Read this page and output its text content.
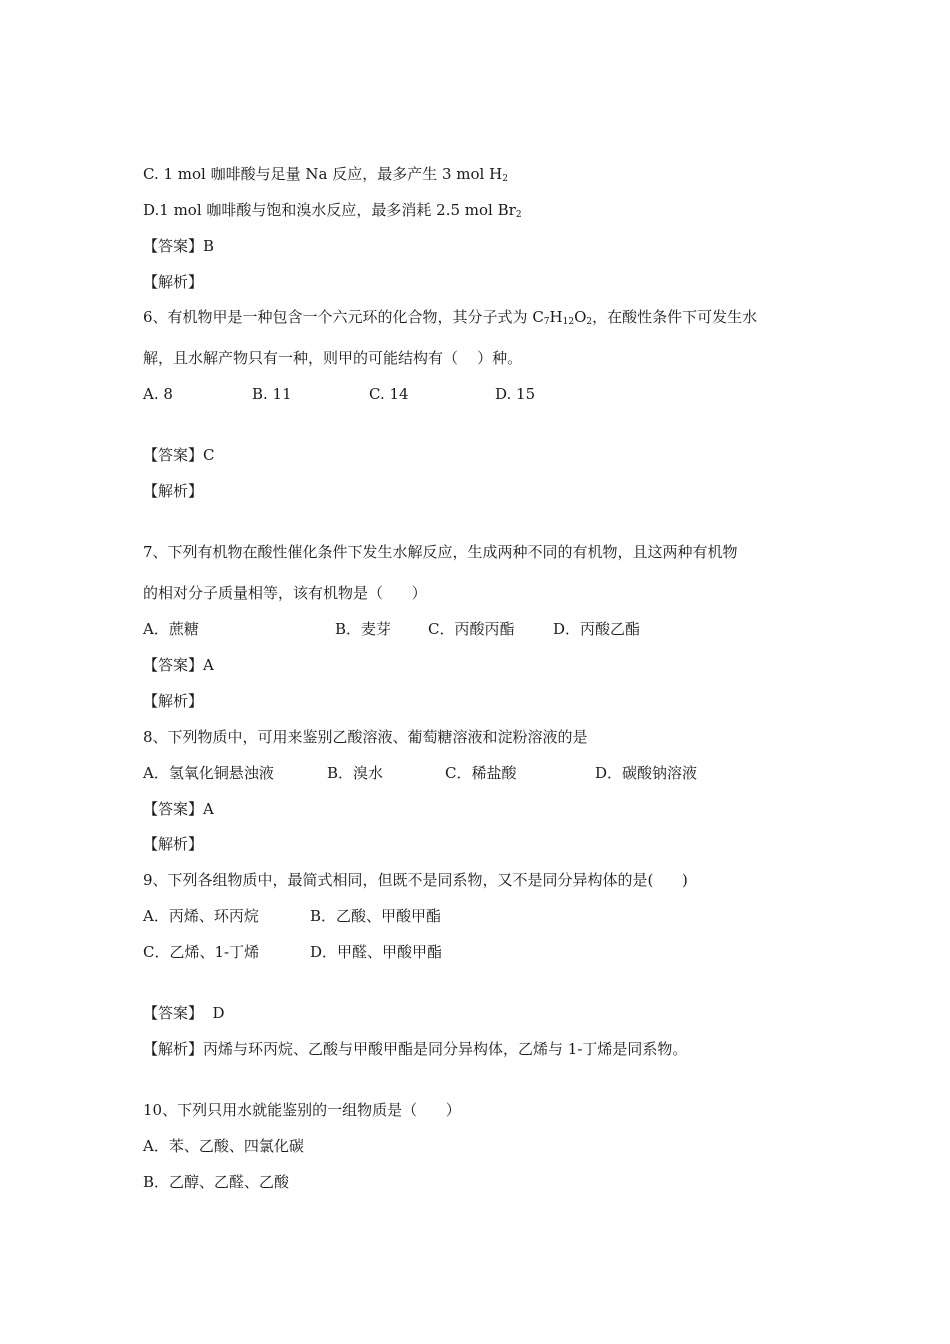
C. 1 mol 咖啡酸与足量 Na 反应，最多产生 3 mol $H_2$
D.1 mol 咖啡酸与饱和溴水反应，最多消耗 2.5 mol $Br_2$
【答案】B
【解析】
6、有机物甲是一种包含一个六元环的化合物，其分子式为 $C_7H_{12}O_2$，在酸性条件下可发生水
解，且水解产物只有一种，则甲的可能结构有（    ）种。
A. 8	B. 11	C. 14	D. 15
【答案】C
【解析】
7、下列有机物在酸性催化条件下发生水解反应，生成两种不同的有机物，且这两种有机物
的相对分子质量相等，该有机物是（      ）
A．蔗糖	B．麦芽 C．丙酸丙酯	D．丙酸乙酯
【答案】A
【解析】
8、下列物质中，可用来鉴别乙酸溶液、葡萄糖溶液和淀粉溶液的是
A．氢氧化铜悬浊液	B．溴水	C．稀盐酸	D．碳酸钠溶液
【答案】A
【解析】
9、下列各组物质中，最简式相同，但既不是同系物，又不是同分异构体的是(      )
A．丙烯、环丙烷	B．乙酸、甲酸甲酯
C．乙烯、1-丁烯	D．甲醛、甲酸甲酯
【答案】  D
【解析】丙烯与环丙烷、乙酸与甲酸甲酯是同分异构体，乙烯与 1-丁烯是同系物。
10、下列只用水就能鉴别的一组物质是（      ）
A．苯、乙酸、四氯化碳
B．乙醇、乙醛、乙酸
